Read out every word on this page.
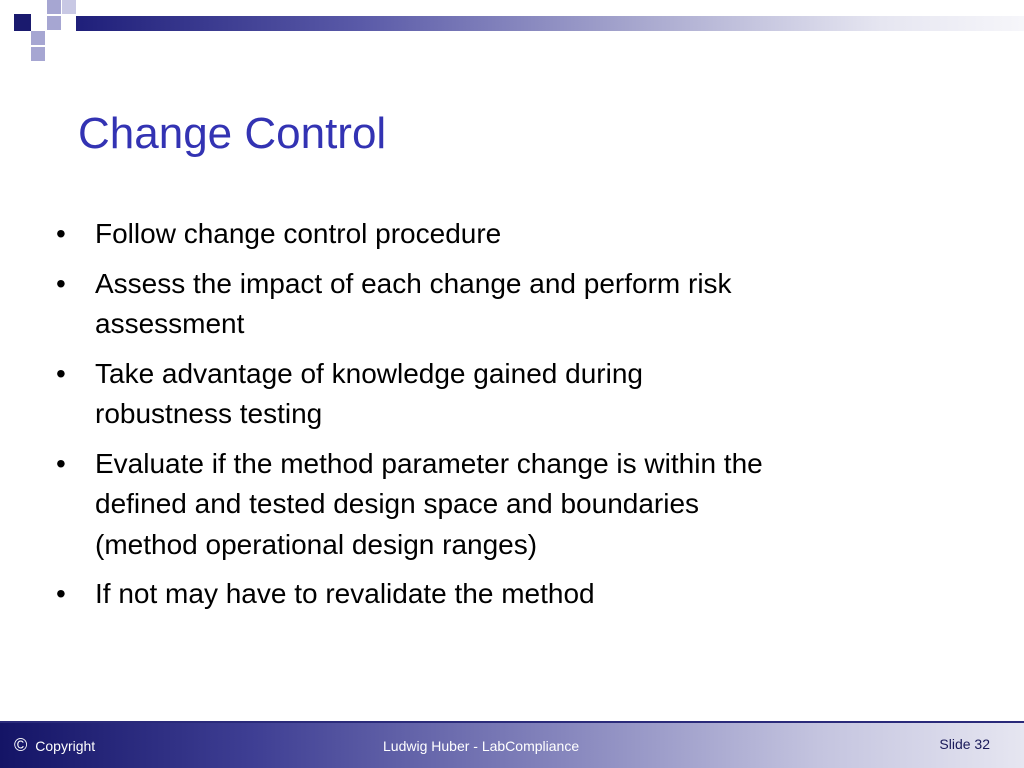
Change Control
• Follow change control procedure
• Assess the impact of each change and perform risk assessment
• Take advantage of knowledge gained during robustness testing
• Evaluate if the method parameter change is within the defined and tested design space and boundaries (method operational design ranges)
• If not may have to revalidate the method
© Copyright	Ludwig Huber - LabCompliance	Slide 32
